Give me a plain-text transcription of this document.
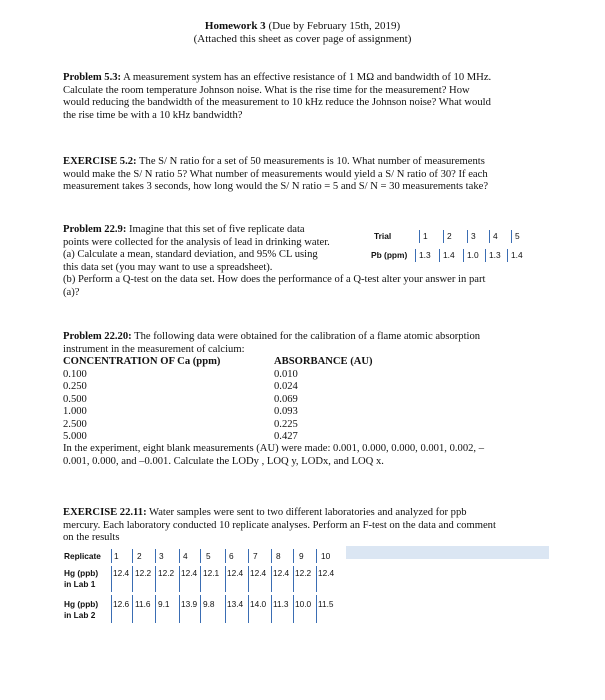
Homework 3 (Due by February 15th, 2019)
(Attached this sheet as cover page of assignment)

Problem 5.3: A measurement system has an effective resistance of 1 MΩ and bandwidth of 10 MHz.

Calculate the room temperature Johnson noise. What is the rise time for the measurement? How

would reducing the bandwidth of the measurement to 10 kHz reduce the Johnson noise? What would

the rise time be with a 10 kHz bandwidth?

EXERCISE 5.2: The S/ N ratio for a set of 50 measurements is 10. What number of measurements

would make the S/ N ratio 5? What number of measurements would yield a S/ N ratio of 30? If each

measurement takes 3 seconds, how long would the S/ N ratio = 5 and S/ N = 30 measurements take?

Problem 22.9: Imagine that this set of five replicate data

points were collected for the analysis of lead in drinking water.

(a) Calculate a mean, standard deviation, and 95% CL using

this data set (you may want to use a spreadsheet).

(b) Perform a Q-test on the data set. How does the performance of a Q-test alter your answer in part

(a)?

Trial	1	2	3	4	5
Pb (ppm)	1.3	1.4	1.0	1.3	1.4

Problem 22.20: The following data were obtained for the calibration of a flame atomic absorption

instrument in the measurement of calcium:

CONCENTRATION OF Ca (ppm)	ABSORBANCE (AU)
0.100	0.010
0.250	0.024
0.500	0.069
1.000	0.093
2.500	0.225
5.000	0.427

In the experiment, eight blank measurements (AU) were made: 0.001, 0.000, 0.000, 0.001, 0.002, –

0.001, 0.000, and –0.001. Calculate the LODy , LOQ y, LODx, and LOQ x.

EXERCISE 22.11: Water samples were sent to two different laboratories and analyzed for ppb

mercury. Each laboratory conducted 10 replicate analyses. Perform an F-test on the data and comment

on the results

Replicate 1 2 3 4 5 6 7 8 9 10
Hg (ppb)
in Lab 1
12.4 12.2 12.2 12.4 12.1 12.4 12.4 12.4 12.2 12.4
Hg (ppb)
in Lab 2
12.6 11.6 9.1 13.9 9.8 13.4 14.0 11.3 10.0 11.5
